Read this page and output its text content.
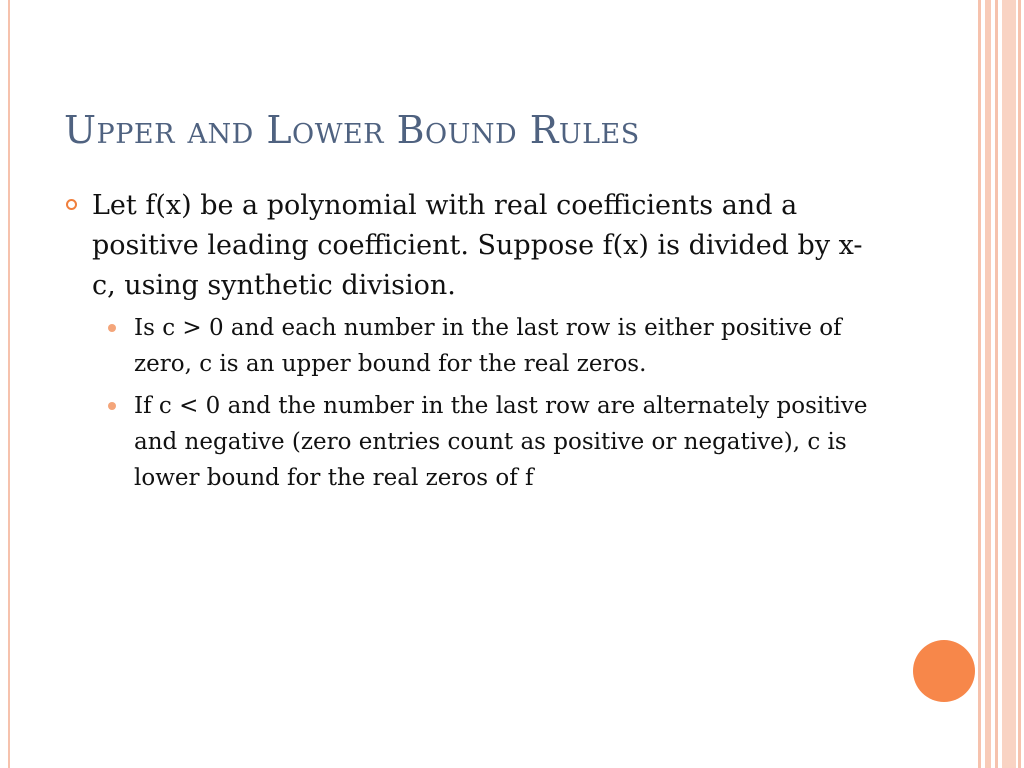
Upper and Lower Bound Rules
Let f(x) be a polynomial with real coefficients and a positive leading coefficient. Suppose f(x) is divided by x-c, using synthetic division.
Is c > 0 and each number in the last row is either positive of zero, c is an upper bound for the real zeros.
If c < 0 and the number in the last row are alternately positive and negative (zero entries count as positive or negative), c is lower bound for the real zeros of f
